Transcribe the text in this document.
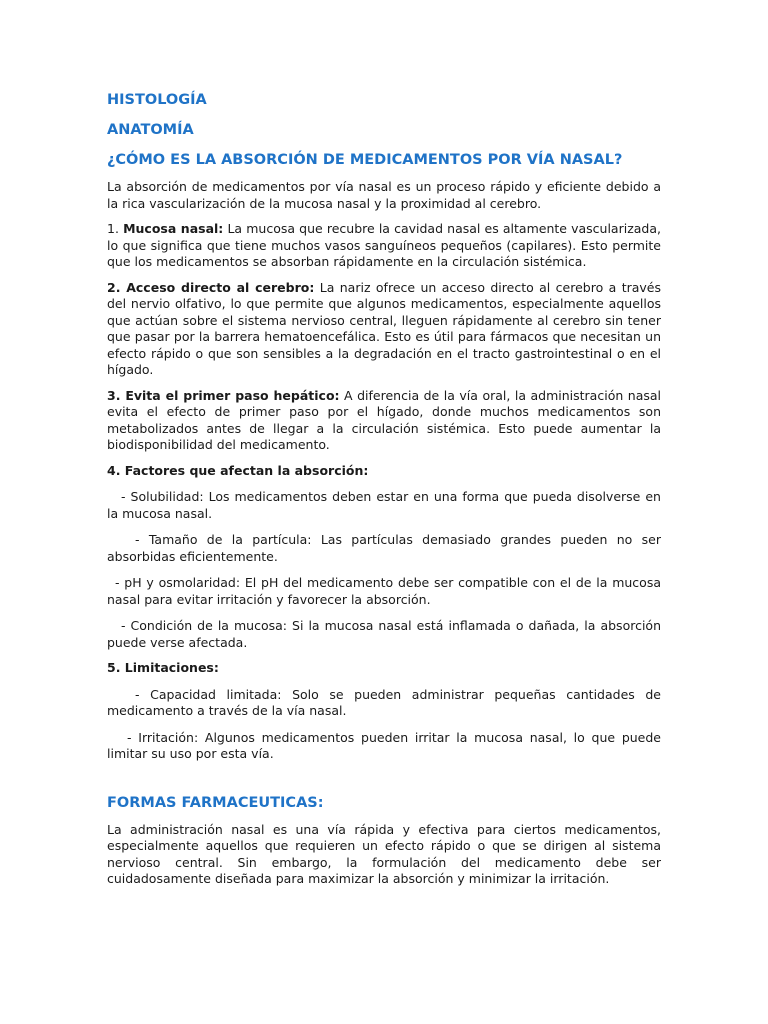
HISTOLOGÍA
ANATOMÍA
¿CÓMO ES LA ABSORCIÓN DE MEDICAMENTOS POR VÍA NASAL?

La absorción de medicamentos por vía nasal es un proceso rápido y eficiente debido a la rica vascularización de la mucosa nasal y la proximidad al cerebro.

1. Mucosa nasal: La mucosa que recubre la cavidad nasal es altamente vascularizada, lo que significa que tiene muchos vasos sanguíneos pequeños (capilares). Esto permite que los medicamentos se absorban rápidamente en la circulación sistémica.

2. Acceso directo al cerebro: La nariz ofrece un acceso directo al cerebro a través del nervio olfativo, lo que permite que algunos medicamentos, especialmente aquellos que actúan sobre el sistema nervioso central, lleguen rápidamente al cerebro sin tener que pasar por la barrera hematoencefálica. Esto es útil para fármacos que necesitan un efecto rápido o que son sensibles a la degradación en el tracto gastrointestinal o en el hígado.

3. Evita el primer paso hepático: A diferencia de la vía oral, la administración nasal evita el efecto de primer paso por el hígado, donde muchos medicamentos son metabolizados antes de llegar a la circulación sistémica. Esto puede aumentar la biodisponibilidad del medicamento.

4. Factores que afectan la absorción:

- Solubilidad: Los medicamentos deben estar en una forma que pueda disolverse en la mucosa nasal.

- Tamaño de la partícula: Las partículas demasiado grandes pueden no ser absorbidas eficientemente.

- pH y osmolaridad: El pH del medicamento debe ser compatible con el de la mucosa nasal para evitar irritación y favorecer la absorción.

- Condición de la mucosa: Si la mucosa nasal está inflamada o dañada, la absorción puede verse afectada.

5. Limitaciones:

- Capacidad limitada: Solo se pueden administrar pequeñas cantidades de medicamento a través de la vía nasal.

- Irritación: Algunos medicamentos pueden irritar la mucosa nasal, lo que puede limitar su uso por esta vía.

FORMAS FARMACEUTICAS:

La administración nasal es una vía rápida y efectiva para ciertos medicamentos, especialmente aquellos que requieren un efecto rápido o que se dirigen al sistema nervioso central. Sin embargo, la formulación del medicamento debe ser cuidadosamente diseñada para maximizar la absorción y minimizar la irritación.
